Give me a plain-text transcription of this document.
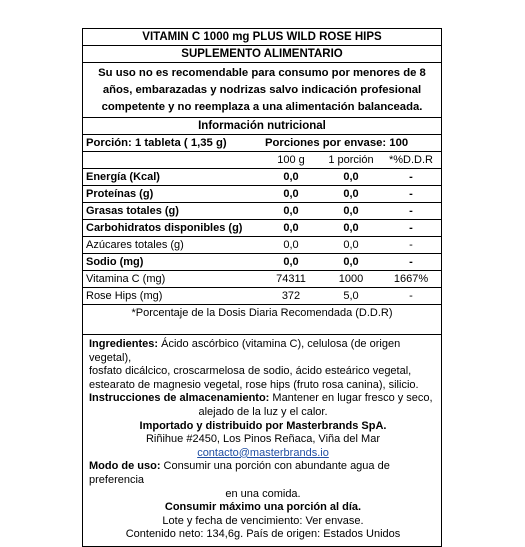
VITAMIN C 1000 mg PLUS WILD ROSE HIPS
SUPLEMENTO ALIMENTARIO
Su uso no es recomendable para consumo por menores de 8
años, embarazadas y nodrizas salvo indicación profesional
competente y no reemplaza a una alimentación balanceada.
Información nutricional
Porción: 1 tableta ( 1,35 g)	Porciones por envase: 100
	100 g	1 porción	*%D.D.R
Energía (Kcal)	0,0	0,0	-
Proteínas (g)	0,0	0,0	-
Grasas totales (g)	0,0	0,0	-
Carbohidratos disponibles (g)	0,0	0,0	-
Azúcares totales (g)	0,0	0,0	-
Sodio (mg)	0,0	0,0	-
Vitamina C (mg)	74311	1000	1667%
Rose Hips (mg)	372	5,0	-
*Porcentaje de la Dosis Diaria Recomendada (D.D.R)
Ingredientes: Ácido ascórbico (vitamina C), celulosa (de origen vegetal),
fosfato dicálcico, croscarmelosa de sodio, ácido esteárico vegetal,
estearato de magnesio vegetal, rose hips (fruto rosa canina), silicio.
Instrucciones de almacenamiento: Mantener en lugar fresco y seco,
alejado de la luz y el calor.
Importado y distribuido por Masterbrands SpA.
Riñihue #2450, Los Pinos Reñaca, Viña del Mar
contacto@masterbrands.io
Modo de uso: Consumir una porción con abundante agua de preferencia
en una comida.
Consumir máximo una porción al día.
Lote y fecha de vencimiento: Ver envase.
Contenido neto: 134,6g. País de origen: Estados Unidos
